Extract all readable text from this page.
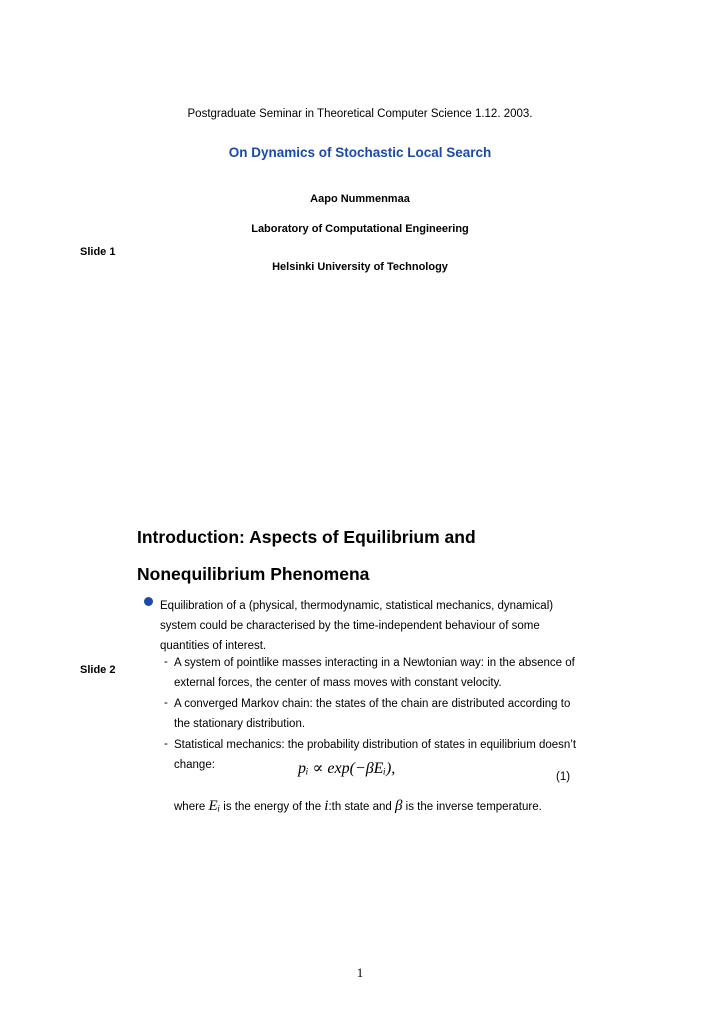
Postgraduate Seminar in Theoretical Computer Science 1.12. 2003.
On Dynamics of Stochastic Local Search
Aapo Nummenmaa
Laboratory of Computational Engineering
Slide 1
Helsinki University of Technology
Introduction: Aspects of Equilibrium and
Nonequilibrium Phenomena
Equilibration of a (physical, thermodynamic, statistical mechanics, dynamical) system could be characterised by the time-independent behaviour of some quantities of interest.
Slide 2
- A system of pointlike masses interacting in a Newtonian way: in the absence of external forces, the center of mass moves with constant velocity.
- A converged Markov chain: the states of the chain are distributed according to the stationary distribution.
- Statistical mechanics: the probability distribution of states in equilibrium doesn’t change:	pᵢ ∝ exp(−βEᵢ),	(1)
where Eᵢ is the energy of the i:th state and β is the inverse temperature.
1
